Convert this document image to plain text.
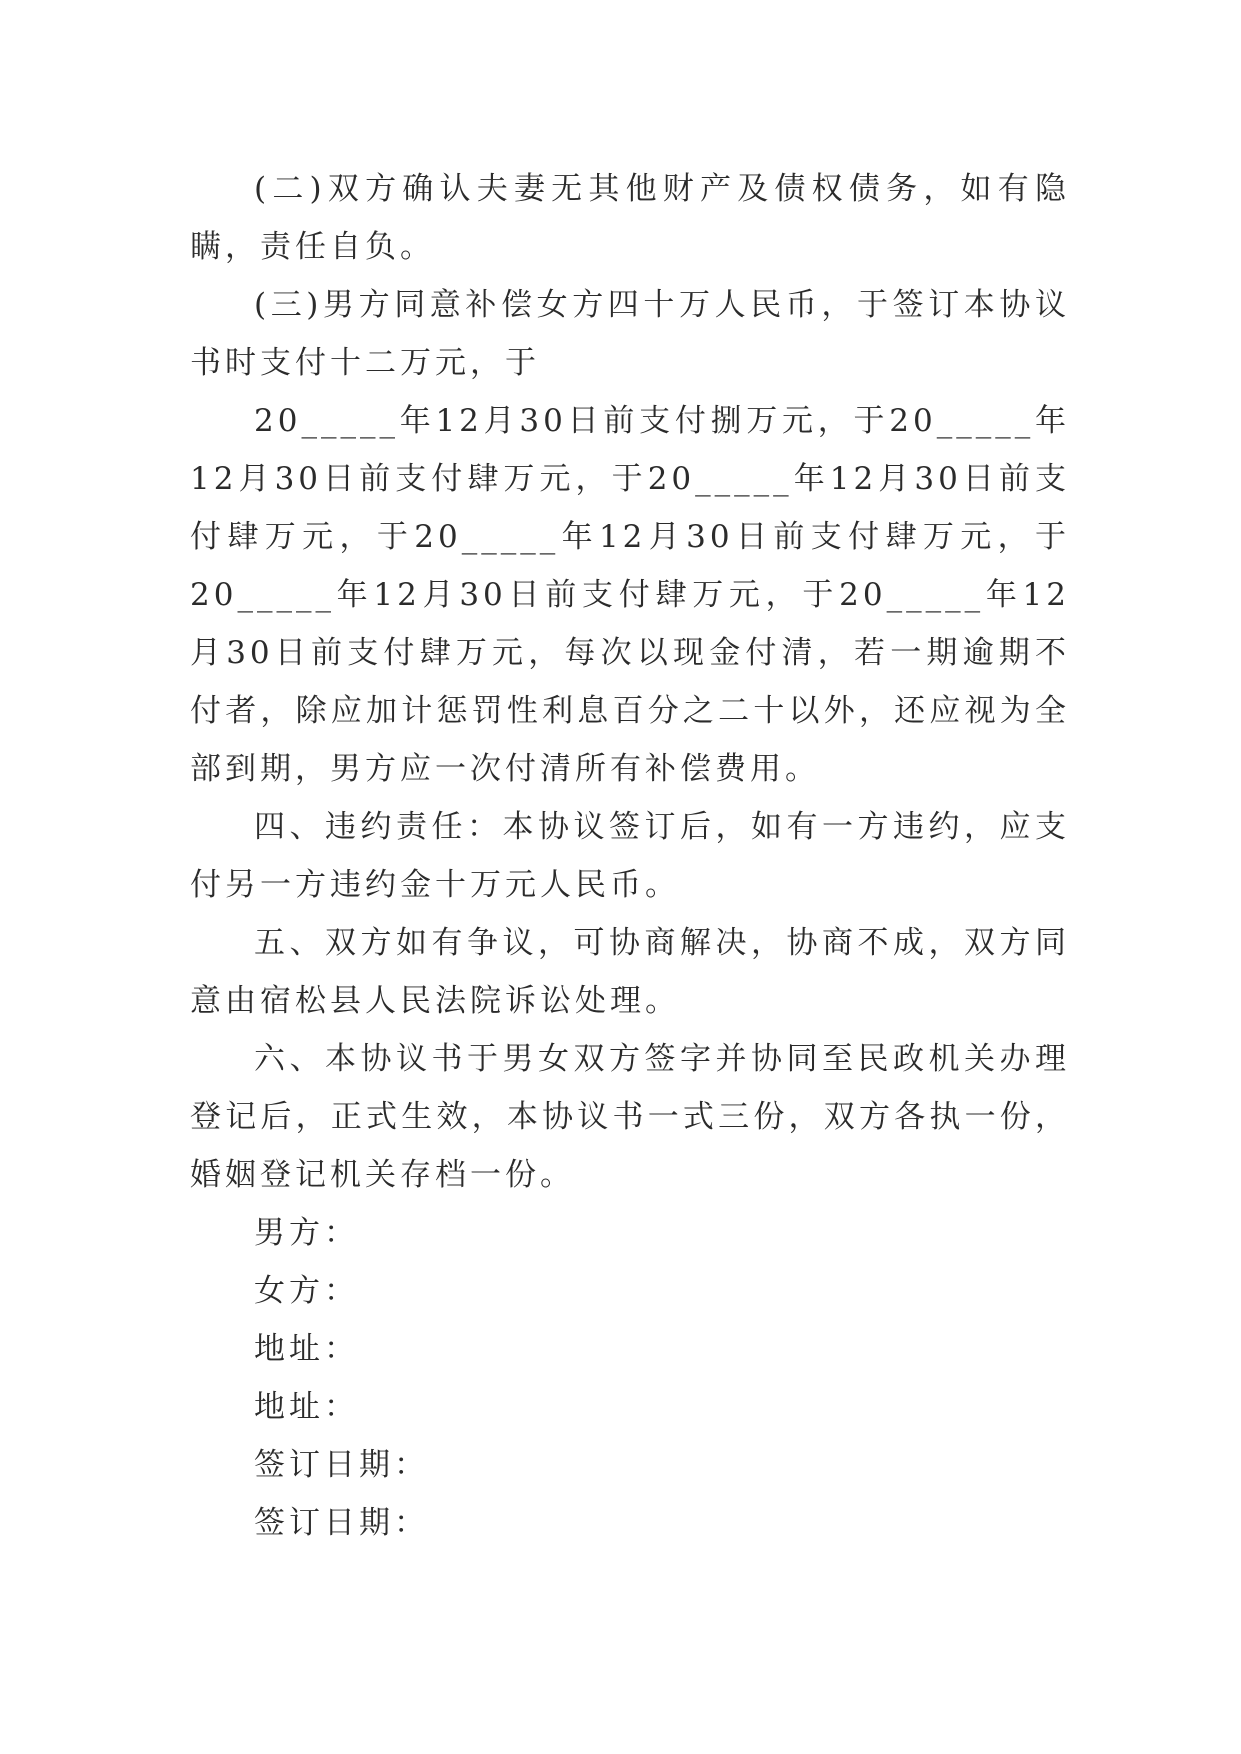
(二)双方确认夫妻无其他财产及债权债务，如有隐瞒，责任自负。

(三)男方同意补偿女方四十万人民币，于签订本协议书时支付十二万元，于

20_____年12月30日前支付捌万元，于20_____年12月30日前支付肆万元，于20_____年12月30日前支付肆万元，于20_____年12月30日前支付肆万元，于20_____年12月30日前支付肆万元，于20_____年12月30日前支付肆万元，每次以现金付清，若一期逾期不付者，除应加计惩罚性利息百分之二十以外，还应视为全部到期，男方应一次付清所有补偿费用。

四、违约责任：本协议签订后，如有一方违约，应支付另一方违约金十万元人民币。

五、双方如有争议，可协商解决，协商不成，双方同意由宿松县人民法院诉讼处理。

六、本协议书于男女双方签字并协同至民政机关办理登记后，正式生效，本协议书一式三份，双方各执一份，婚姻登记机关存档一份。

男方：

女方：

地址：

地址：

签订日期：

签订日期：
